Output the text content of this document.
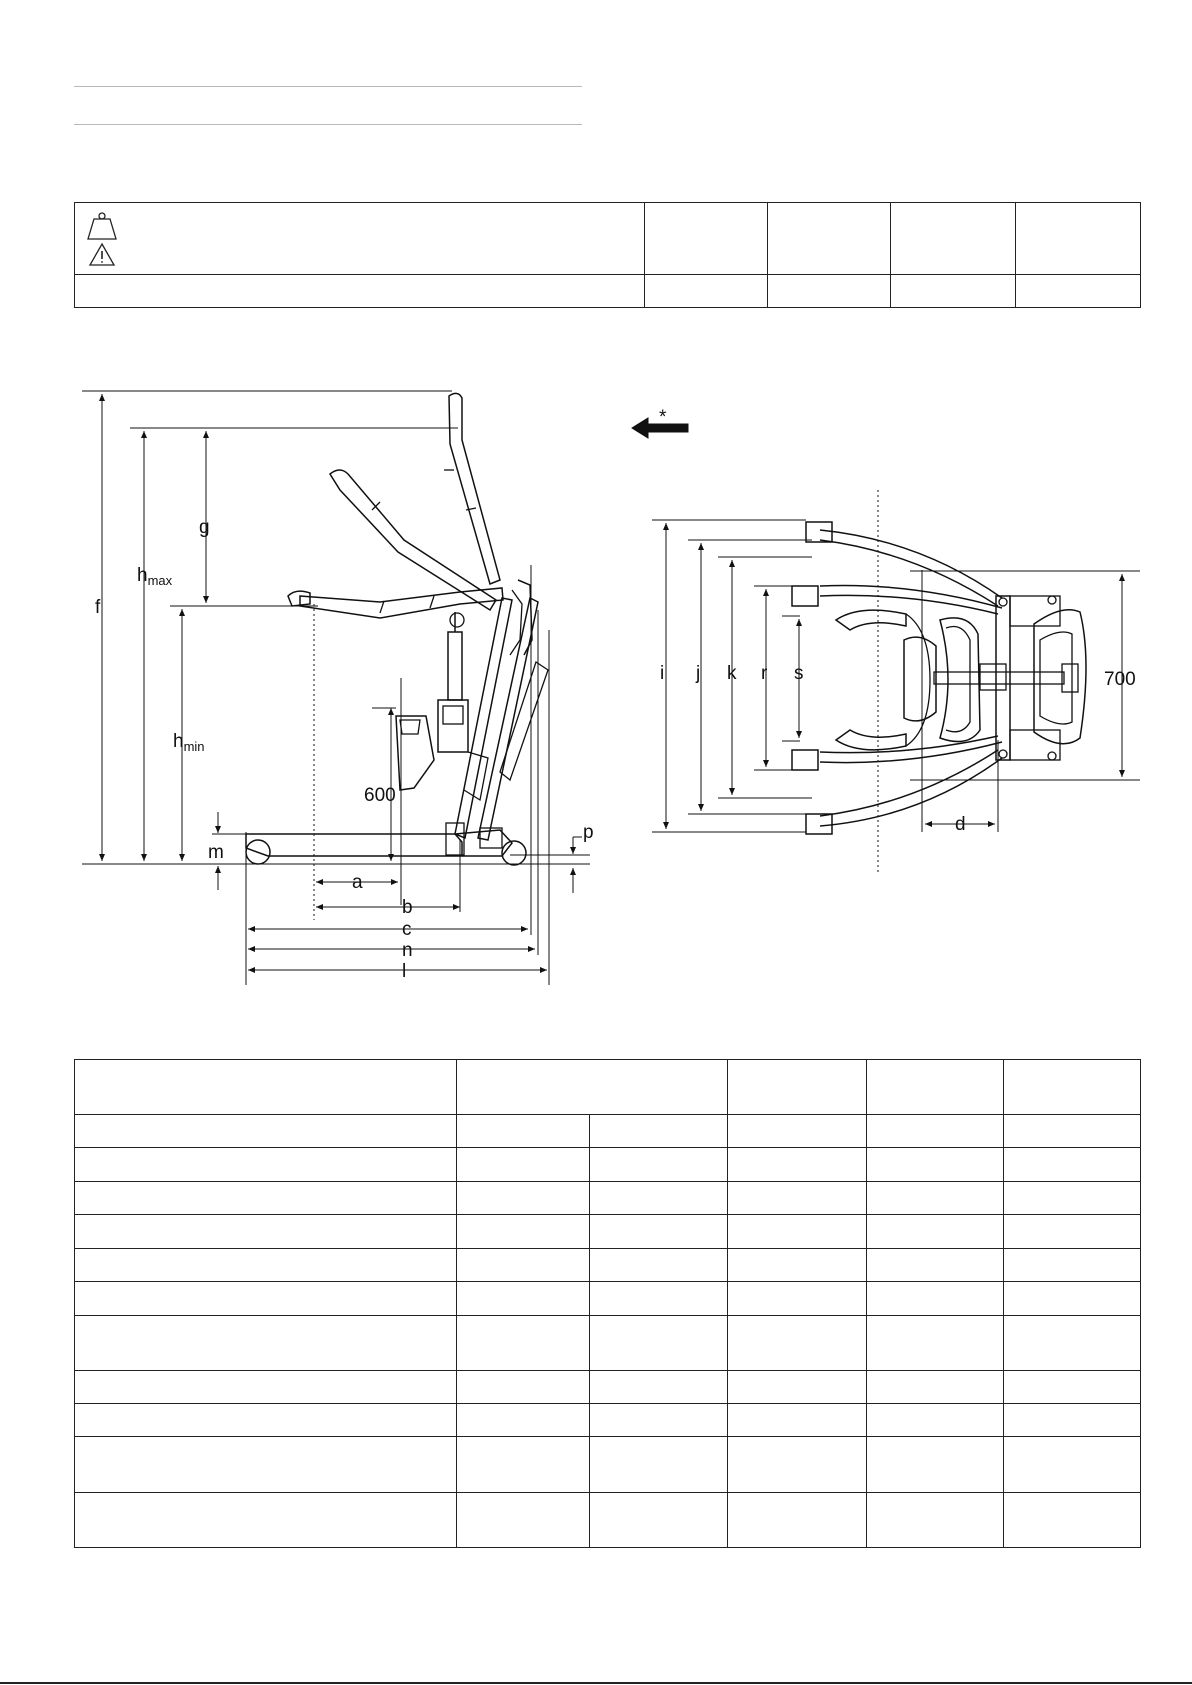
f
$h_{max}$
g
$h_{min}$
m
600
a
b
c
n
l
p
*
i j k r s	700
d
